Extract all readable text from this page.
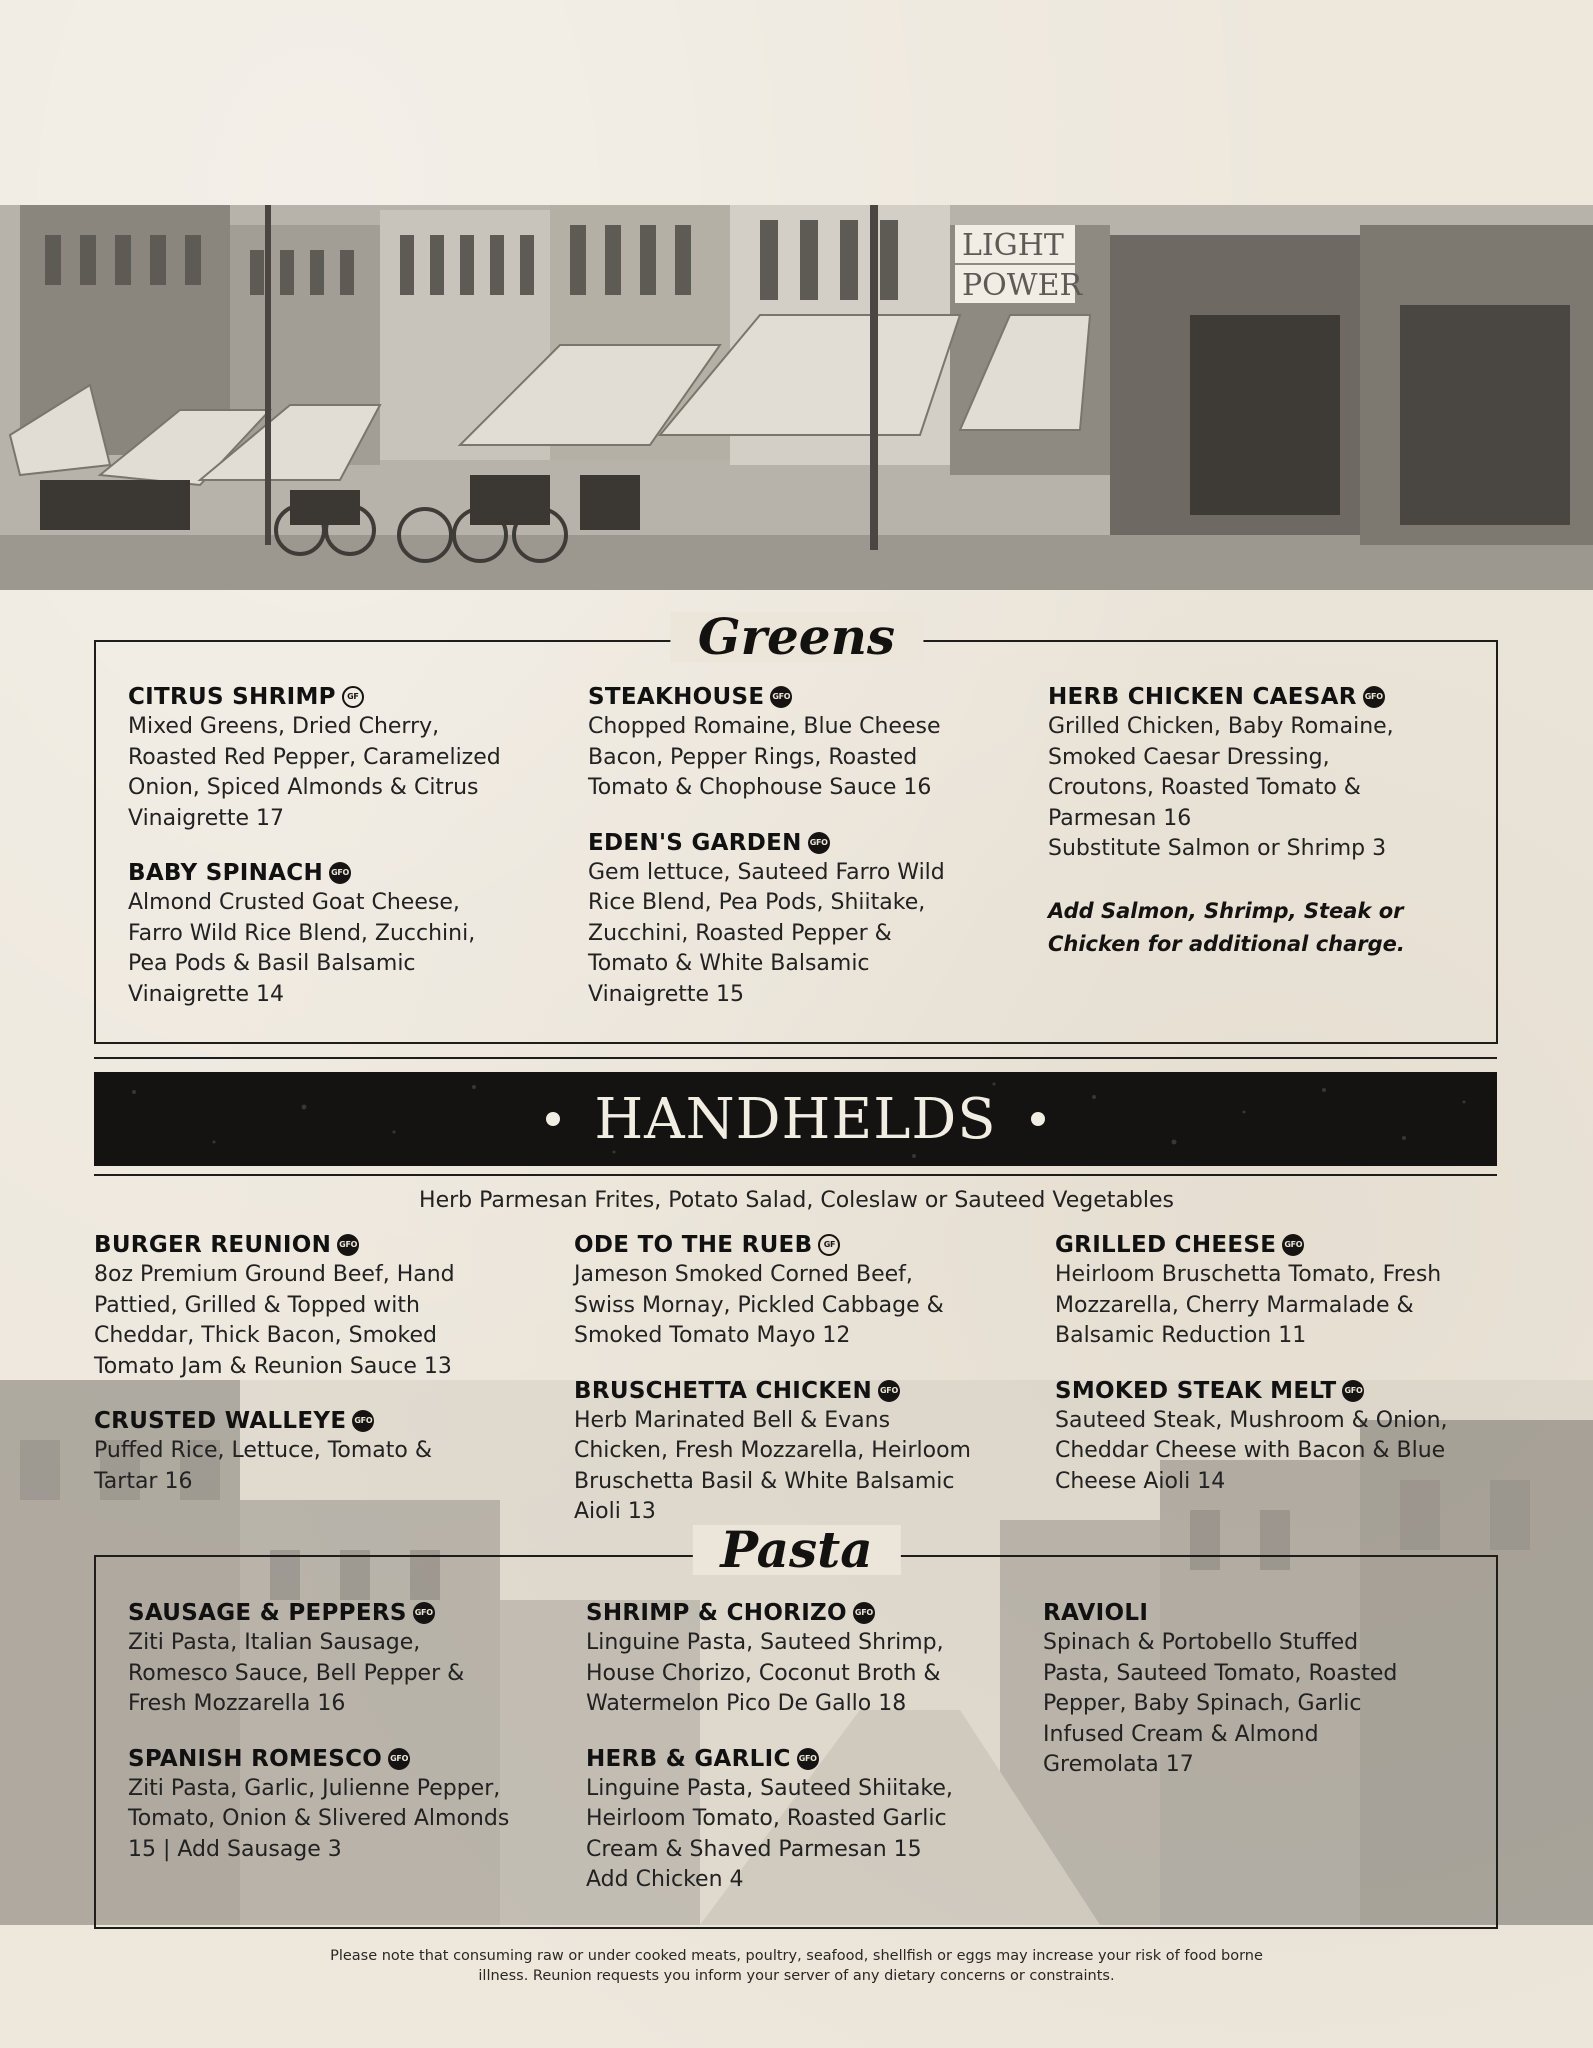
LIGHT
POWER
Greens
CITRUS SHRIMP	GF
Mixed Greens, Dried Cherry,
Roasted Red Pepper, Caramelized
Onion, Spiced Almonds & Citrus
Vinaigrette 17
BABY SPINACH GFO
Almond Crusted Goat Cheese,
Farro Wild Rice Blend, Zucchini,
Pea Pods & Basil Balsamic
Vinaigrette 14
STEAKHOUSE GFO
Chopped Romaine, Blue Cheese
Bacon, Pepper Rings, Roasted
Tomato & Chophouse Sauce 16
EDEN'S GARDEN GFO
Gem lettuce, Sauteed Farro Wild
Rice Blend, Pea Pods, Shiitake,
Zucchini, Roasted Pepper &
Tomato & White Balsamic
Vinaigrette 15
HERB CHICKEN CAESAR GFO
Grilled Chicken, Baby Romaine,
Smoked Caesar Dressing,
Croutons, Roasted Tomato &
Parmesan 16
Substitute Salmon or Shrimp 3
Add Salmon, Shrimp, Steak or
Chicken for additional charge.
HANDHELDS
Herb Parmesan Frites, Potato Salad, Coleslaw or Sauteed Vegetables
BURGER REUNION GFO
8oz Premium Ground Beef, Hand
Pattied, Grilled & Topped with
Cheddar, Thick Bacon, Smoked
Tomato Jam & Reunion Sauce 13
CRUSTED WALLEYE GFO
Puffed Rice, Lettuce, Tomato &
Tartar 16
ODE TO THE RUEB	GF
Jameson Smoked Corned Beef,
Swiss Mornay, Pickled Cabbage &
Smoked Tomato Mayo 12
BRUSCHETTA CHICKEN GFO
Herb Marinated Bell & Evans
Chicken, Fresh Mozzarella, Heirloom
Bruschetta Basil & White Balsamic
Aioli 13
GRILLED CHEESE GFO
Heirloom Bruschetta Tomato, Fresh
Mozzarella, Cherry Marmalade &
Balsamic Reduction 11
SMOKED STEAK MELT GFO
Sauteed Steak, Mushroom & Onion,
Cheddar Cheese with Bacon & Blue
Cheese Aioli 14
Pasta
SAUSAGE & PEPPERS GFO
Ziti Pasta, Italian Sausage,
Romesco Sauce, Bell Pepper &
Fresh Mozzarella 16
SPANISH ROMESCO GFO
Ziti Pasta, Garlic, Julienne Pepper,
Tomato, Onion & Slivered Almonds
15 | Add Sausage 3
SHRIMP & CHORIZO GFO
Linguine Pasta, Sauteed Shrimp,
House Chorizo, Coconut Broth &
Watermelon Pico De Gallo 18
HERB & GARLIC GFO
Linguine Pasta, Sauteed Shiitake,
Heirloom Tomato, Roasted Garlic
Cream & Shaved Parmesan 15
Add Chicken 4
RAVIOLI
Spinach & Portobello Stuffed
Pasta, Sauteed Tomato, Roasted
Pepper, Baby Spinach, Garlic
Infused Cream & Almond
Gremolata 17
Please note that consuming raw or under cooked meats, poultry, seafood, shellfish or eggs may increase your risk of food borne
illness. Reunion requests you inform your server of any dietary concerns or constraints.
